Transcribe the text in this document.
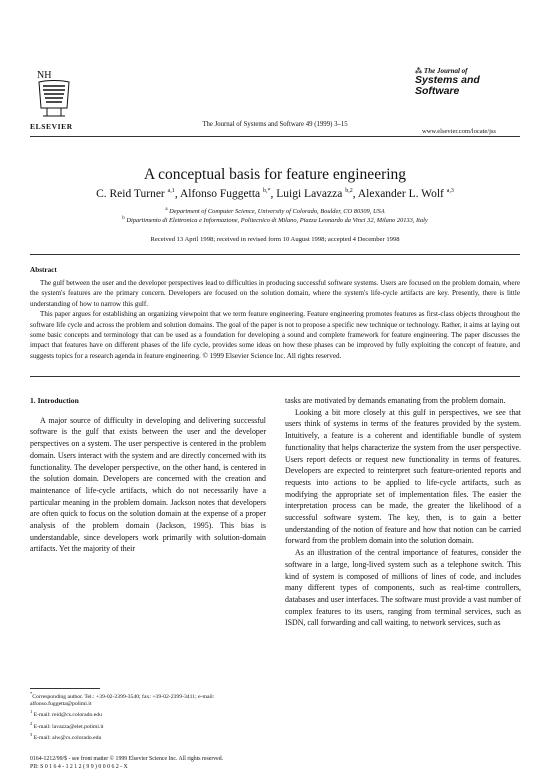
NH
ELSEVIER	The Journal of Systems and Software 49 (1999) 3–15
⁂ The Journal of
Systems and
Software
www.elsevier.com/locate/jss
A conceptual basis for feature engineering
C. Reid Turner $^{a,1}$, Alfonso Fuggetta $^{b,*}$, Luigi Lavazza $^{b,2}$, Alexander L. Wolf $^{a,3}$
$^a$ Department of Computer Science, University of Colorado, Boulder, CO 80309, USA
$^b$ Dipartimento di Elettronica e Informazione, Politecnico di Milano, Piazza Leonardo da Vinci 32, Milano 20133, Italy
Received 13 April 1998; received in revised form 10 August 1998; accepted 4 December 1998
Abstract

The gulf between the user and the developer perspectives lead to difficulties in producing successful software systems. Users are focused on the problem domain, where the system's features are the primary concern. Developers are focused on the solution domain, where the system's life-cycle artifacts are key. Presently, there is little understanding of how to narrow this gulf.

This paper argues for establishing an organizing viewpoint that we term feature engineering. Feature engineering promotes features as first-class objects throughout the software life cycle and across the problem and solution domains. The goal of the paper is not to propose a specific new technique or technology. Rather, it aims at laying out some basic concepts and terminology that can be used as a foundation for developing a sound and complete framework for feature engineering. The paper discusses the impact that features have on different phases of the life cycle, provides some ideas on how these phases can be improved by fully exploiting the concept of feature, and suggests topics for a research agenda in feature engineering. © 1999 Elsevier Science Inc. All rights reserved.

1. Introduction

A major source of difficulty in developing and delivering successful software is the gulf that exists between the user and the developer perspectives on a system. The user perspective is centered in the problem domain. Users interact with the system and are directly concerned with its functionality. The developer perspective, on the other hand, is centered in the solution domain. Developers are concerned with the creation and maintenance of life-cycle artifacts, which do not necessarily have a particular meaning in the problem domain. Jackson notes that developers are often quick to focus on the solution domain at the expense of a proper analysis of the problem domain (Jackson, 1995). This bias is understandable, since developers work primarily with solution-domain artifacts. Yet the majority of their

tasks are motivated by demands emanating from the problem domain.

Looking a bit more closely at this gulf in perspectives, we see that users think of systems in terms of the features provided by the system. Intuitively, a feature is a coherent and identifiable bundle of system functionality that helps characterize the system from the user perspective. Users report defects or request new functionality in terms of features. Developers are expected to reinterpret such feature-oriented reports and requests into actions to be applied to life-cycle artifacts, such as modifying the appropriate set of implementation files. The easier the interpretation process can be made, the greater the likelihood of a successful software system. The key, then, is to gain a better understanding of the notion of feature and how that notion can be carried forward from the problem domain into the solution domain.

As an illustration of the central importance of features, consider the software in a large, long-lived system such as a telephone switch. This kind of system is composed of millions of lines of code, and includes many different types of components, such as real-time controllers, databases and user interfaces. The software must provide a vast number of complex features to its users, ranging from terminal services, such as ISDN, call forwarding and call waiting, to network services, such as

*Corresponding author. Tel.: +39-02-2399-3540; fax: +39-02-2399-3411; e-mail: alfonso.fuggetta@polimi.it

$^1$ E-mail: reid@cs.colorado.edu

$^2$ E-mail: lavazza@elet.polimi.it

$^3$ E-mail: alw@cs.colorado.edu

0164-1212/99/$ - see front matter © 1999 Elsevier Science Inc. All rights reserved.

PII: S 0 1 6 4 - 1 2 1 2 ( 9 9 ) 0 0 0 6 2 - X
